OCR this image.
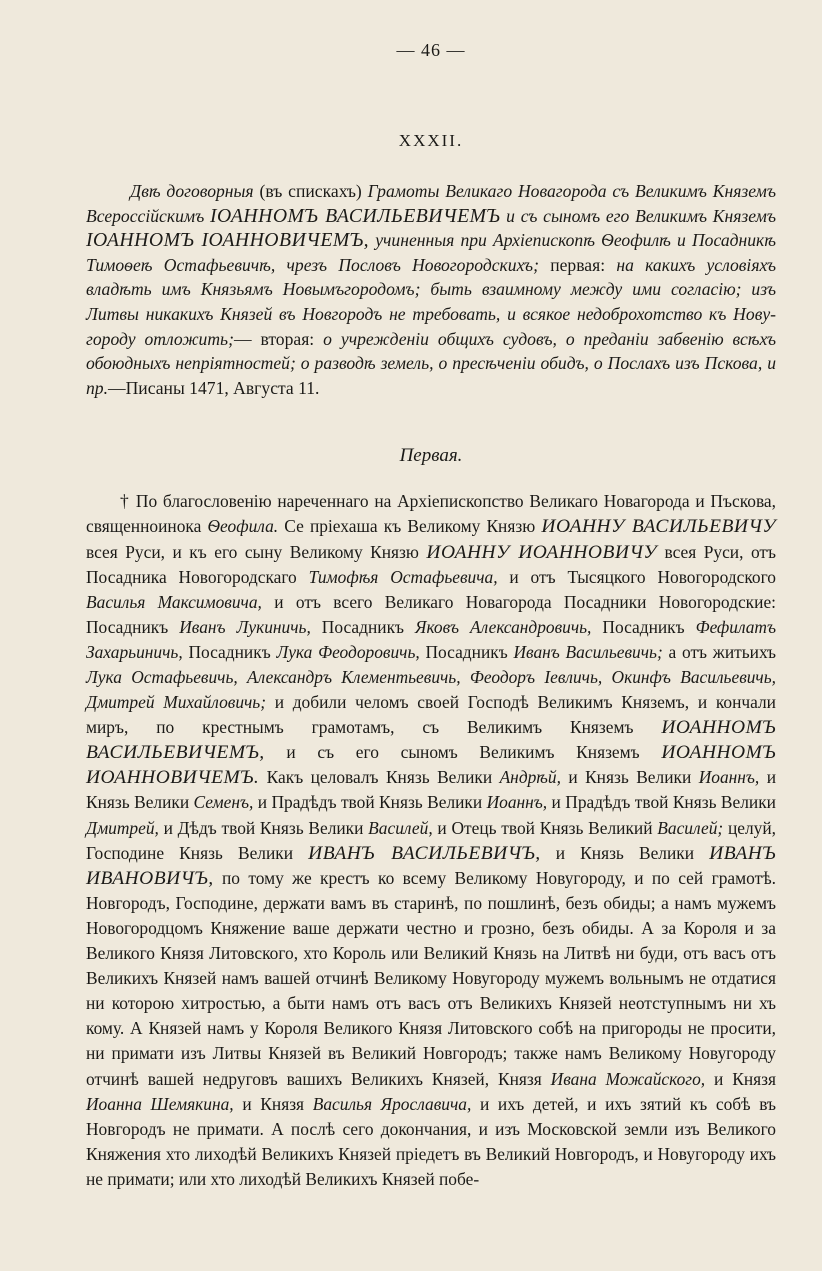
— 46 —
XXXII.

Двѣ договорныя (въ спискахъ) Грамоты Великаго Новагорода съ Великимъ Княземъ Всероссійскимъ ІОАННОМЪ ВАСИЛЬЕВИЧЕМЪ и съ сыномъ его Великимъ Княземъ ІОАННОМЪ ІОАННОВИЧЕМЪ, учиненныя при Архіепископѣ Ѳеофилѣ и Посадникѣ Тимоѳеѣ Остафьевичѣ, чрезъ Пословъ Новогородскихъ; первая: на какихъ условіяхъ владѣть имъ Князьямъ Новымъгородомъ; быть взаимному между ими согласію; изъ Литвы никакихъ Князей въ Новгородъ не требовать, и всякое недоброхотство къ Нову-городу отложить;— вторая: о учрежденіи общихъ судовъ, о преданіи забвенію всѣхъ обоюдныхъ непріятностей; о разводѣ земель, о пресѣченіи обидъ, о Послахъ изъ Пскова, и пр.—Писаны 1471, Августа 11.

Первая.

† По благословенію нареченнаго на Архіепископство Великаго Новагорода и Пъскова, священноинока Ѳеофила. Се пріехаша къ Великому Князю ИОАННУ ВАСИЛЬЕВИЧУ всея Руси, и къ его сыну Великому Князю ИОАННУ ИОАННОВИЧУ всея Руси, отъ Посадника Новогородскаго Тимофѣя Остафьевича, и отъ Тысяцкого Новогородского Василья Максимовича, и отъ всего Великаго Новагорода Посадники Новогородские: Посадникъ Иванъ Лукиничь, Посадникъ Яковъ Александровичь, Посадникъ Фефилатъ Захарьиничь, Посадникъ Лука Феодоровичь, Посадникъ Иванъ Васильевичь; а отъ житьихъ Лука Остафьевичь, Александръ Клементьевичь, Феодоръ Іевличь, Окинфъ Васильевичь, Дмитрей Михайловичь; и добили челомъ своей Господѣ Великимъ Княземъ, и кончали миръ, по крестнымъ грамотамъ, съ Великимъ Княземъ ИОАННОМЪ ВАСИЛЬЕВИЧЕМЪ, и съ его сыномъ Великимъ Княземъ ИОАННОМЪ ИОАННОВИЧЕМЪ. Какъ целовалъ Князь Велики Андрѣй, и Князь Велики Иоаннъ, и Князь Велики Семенъ, и Прадѣдъ твой Князь Велики Иоаннъ, и Прадѣдъ твой Князь Велики Дмитрей, и Дѣдъ твой Князь Велики Василей, и Отець твой Князь Великий Василей; целуй, Господине Князь Велики ИВАНЪ ВАСИЛЬЕВИЧЪ, и Князь Велики ИВАНЪ ИВАНОВИЧЪ, по тому же крестъ ко всему Великому Новугороду, и по сей грамотѣ. Новгородъ, Господине, держати вамъ въ старинѣ, по пошлинѣ, безъ обиды; а намъ мужемъ Новогородцомъ Княжение ваше держати честно и грозно, безъ обиды. А за Короля и за Великого Князя Литовского, хто Король или Великий Князь на Литвѣ ни буди, отъ васъ отъ Великихъ Князей намъ вашей отчинѣ Великому Новугороду мужемъ вольнымъ не отдатися ни которою хитростью, а быти намъ отъ васъ отъ Великихъ Князей неотступнымъ ни хъ кому. А Князей намъ у Короля Великого Князя Литовского собѣ на пригороды не просити, ни примати изъ Литвы Князей въ Великий Новгородъ; также намъ Великому Новугороду отчинѣ вашей недруговъ вашихъ Великихъ Князей, Князя Ивана Можайского, и Князя Иоанна Шемякина, и Князя Василья Ярославича, и ихъ детей, и ихъ зятий къ собѣ въ Новгородъ не примати. А послѣ сего докончания, и изъ Московской земли изъ Великого Княжения хто лиходѣй Великихъ Князей пріедетъ въ Великий Новгородъ, и Новугороду ихъ не примати; или хто лиходѣй Великихъ Князей побе-
